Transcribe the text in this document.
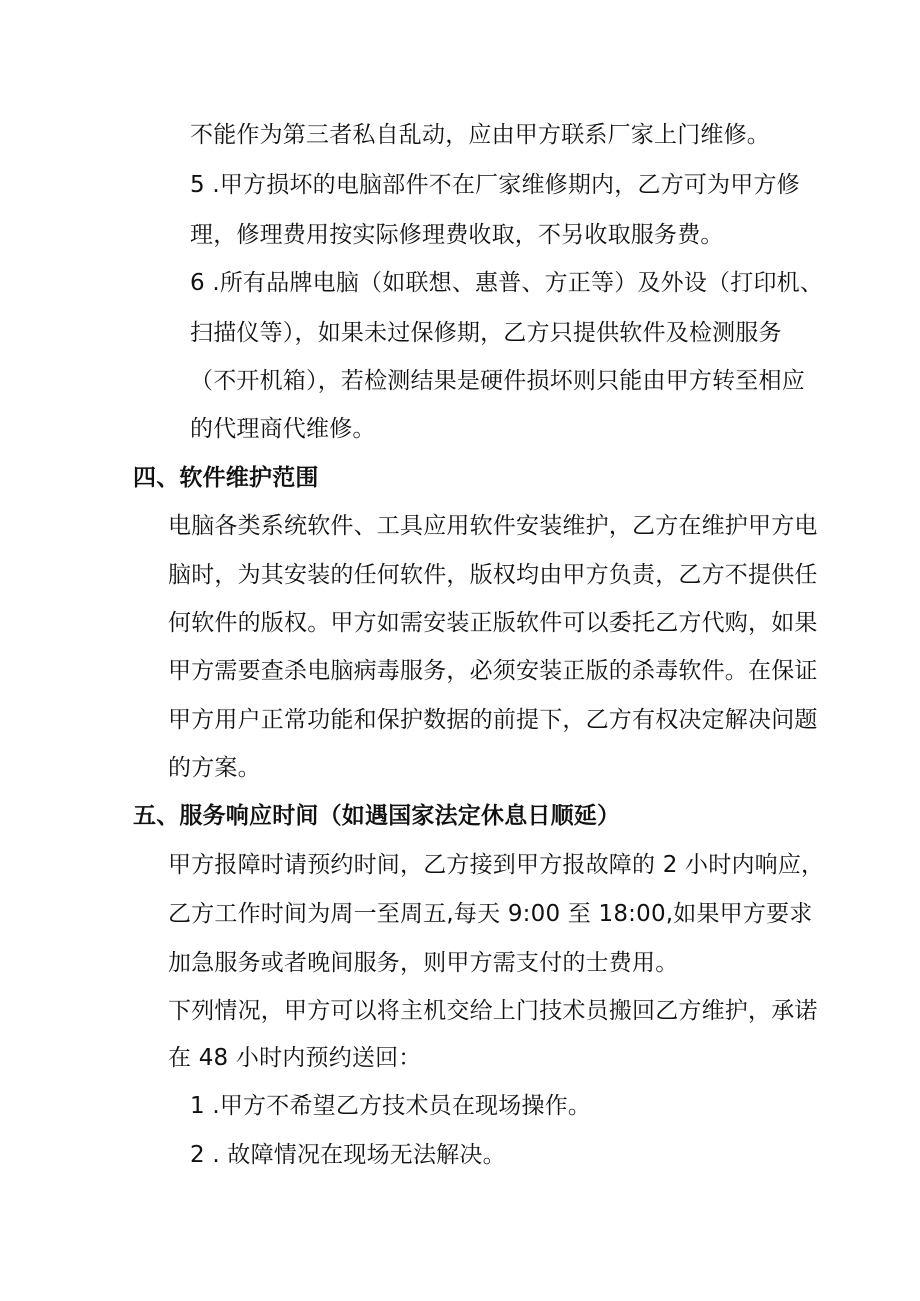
不能作为第三者私自乱动，应由甲方联系厂家上门维修。
5 .甲方损坏的电脑部件不在厂家维修期内，乙方可为甲方修
理，修理费用按实际修理费收取，不另收取服务费。
6 .所有品牌电脑（如联想、惠普、方正等）及外设（打印机、
扫描仪等），如果未过保修期，乙方只提供软件及检测服务
（不开机箱），若检测结果是硬件损坏则只能由甲方转至相应
的代理商代维修。
四、软件维护范围
电脑各类系统软件、工具应用软件安装维护，乙方在维护甲方电
脑时，为其安装的任何软件，版权均由甲方负责，乙方不提供任
何软件的版权。甲方如需安装正版软件可以委托乙方代购，如果
甲方需要查杀电脑病毒服务，必须安装正版的杀毒软件。在保证
甲方用户正常功能和保护数据的前提下，乙方有权决定解决问题
的方案。
五、服务响应时间（如遇国家法定休息日顺延）
甲方报障时请预约时间，乙方接到甲方报故障的 2 小时内响应，
乙方工作时间为周一至周五,每天 9:00 至 18:00,如果甲方要求
加急服务或者晚间服务，则甲方需支付的士费用。
下列情况，甲方可以将主机交给上门技术员搬回乙方维护，承诺
在 48 小时内预约送回：
1 .甲方不希望乙方技术员在现场操作。
2 . 故障情况在现场无法解决。
